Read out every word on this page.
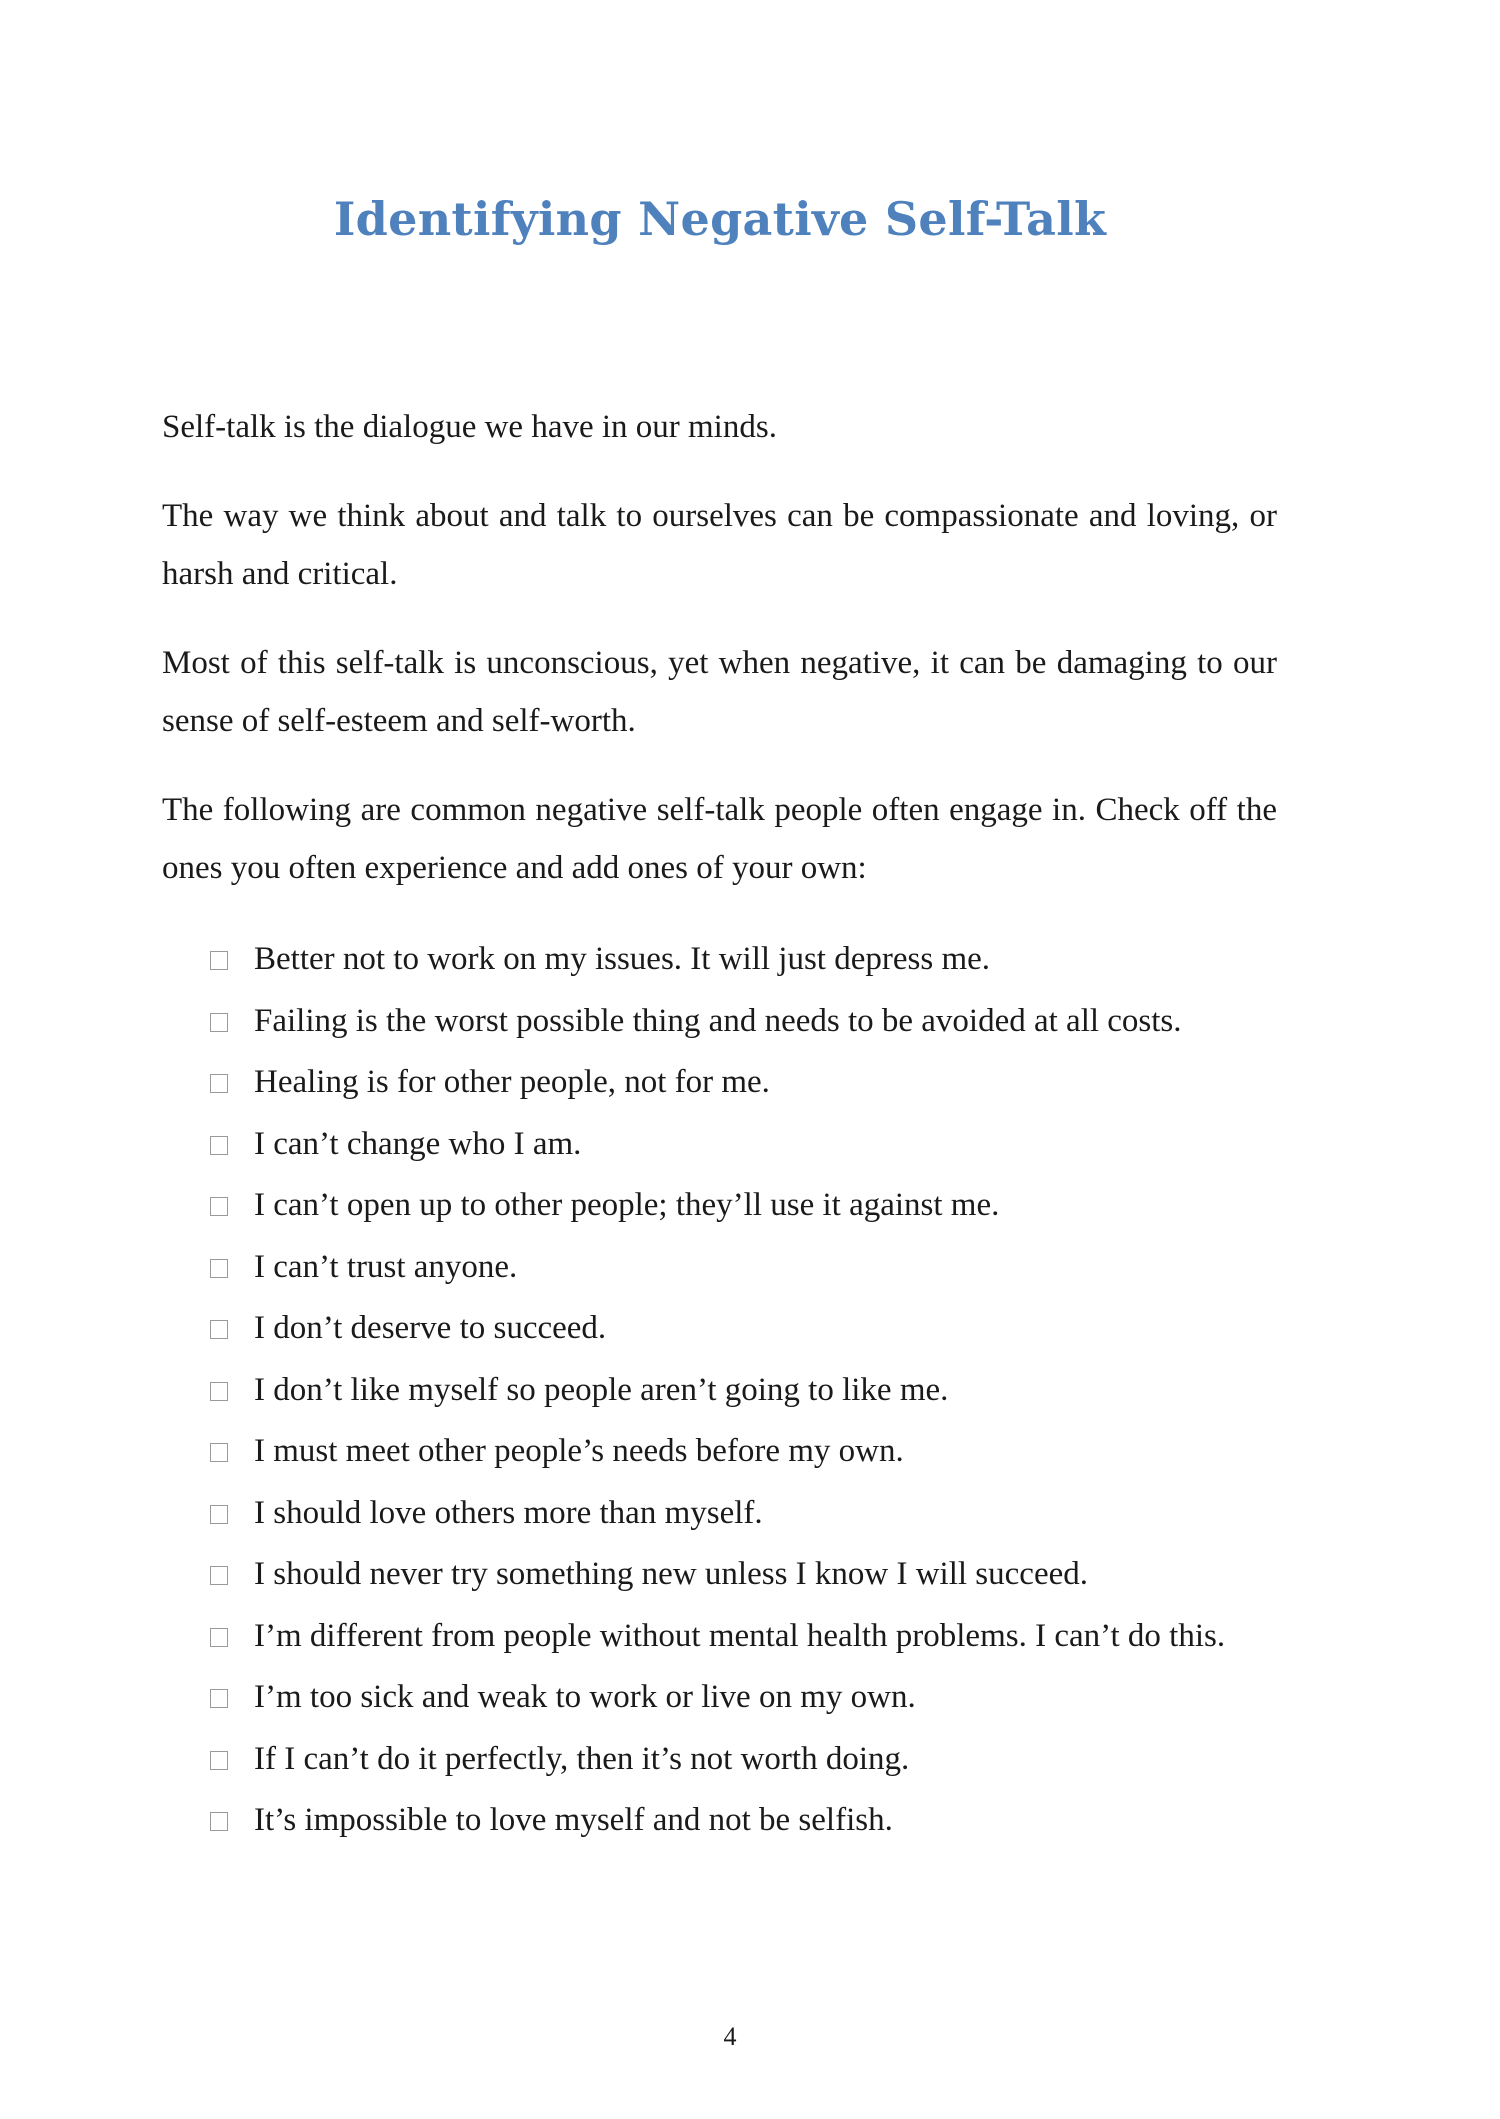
Identifying Negative Self-Talk

Self-talk is the dialogue we have in our minds.

The way we think about and talk to ourselves can be compassionate and loving, or harsh and critical.

Most of this self-talk is unconscious, yet when negative, it can be damaging to our sense of self-esteem and self-worth.

The following are common negative self-talk people often engage in. Check off the ones you often experience and add ones of your own:

Better not to work on my issues. It will just depress me.
Failing is the worst possible thing and needs to be avoided at all costs.
Healing is for other people, not for me.
I can’t change who I am.
I can’t open up to other people; they’ll use it against me.
I can’t trust anyone.
I don’t deserve to succeed.
I don’t like myself so people aren’t going to like me.
I must meet other people’s needs before my own.
I should love others more than myself.
I should never try something new unless I know I will succeed.
I’m different from people without mental health problems. I can’t do this.
I’m too sick and weak to work or live on my own.
If I can’t do it perfectly, then it’s not worth doing.
It’s impossible to love myself and not be selfish.
4
